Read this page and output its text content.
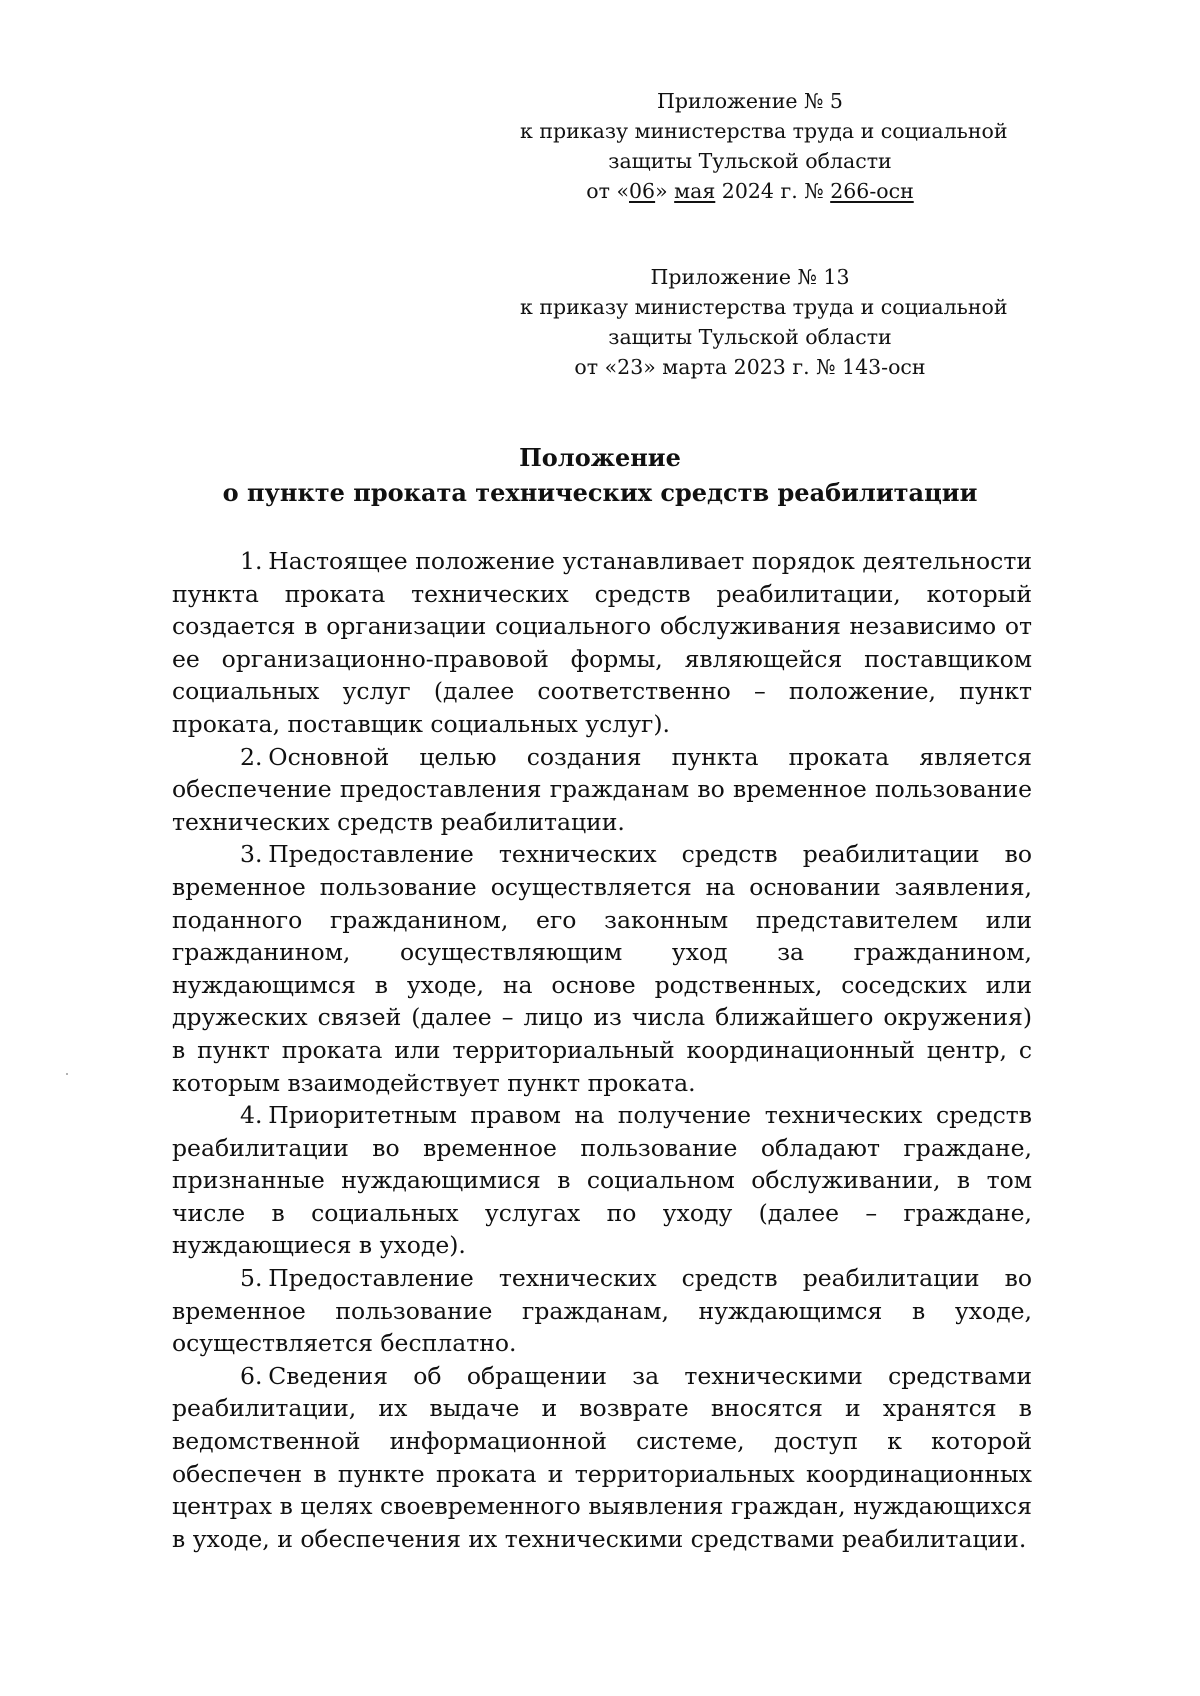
Приложение № 5
к приказу министерства труда и социальной
защиты Тульской области
от «06» мая 2024 г. № 266-осн
Приложение № 13
к приказу министерства труда и социальной
защиты Тульской области
от «23» марта 2023 г. № 143-осн
Положение
о пункте проката технических средств реабилитации

1. Настоящее положение устанавливает порядок деятельности пункта проката технических средств реабилитации, который создается в организации социального обслуживания независимо от ее организационно-правовой формы, являющейся поставщиком социальных услуг (далее соответственно – положение, пункт проката, поставщик социальных услуг).

2. Основной целью создания пункта проката является обеспечение предоставления гражданам во временное пользование технических средств реабилитации.

3. Предоставление технических средств реабилитации во временное пользование осуществляется на основании заявления, поданного гражданином, его законным представителем или гражданином, осуществляющим уход за гражданином, нуждающимся в уходе, на основе родственных, соседских или дружеских связей (далее – лицо из числа ближайшего окружения) в пункт проката или территориальный координационный центр, с которым взаимодействует пункт проката.

4. Приоритетным правом на получение технических средств реабилитации во временное пользование обладают граждане, признанные нуждающимися в социальном обслуживании, в том числе в социальных услугах по уходу (далее – граждане, нуждающиеся в уходе).

5. Предоставление технических средств реабилитации во временное пользование гражданам, нуждающимся в уходе, осуществляется бесплатно.

6. Сведения об обращении за техническими средствами реабилитации, их выдаче и возврате вносятся и хранятся в ведомственной информационной системе, доступ к которой обеспечен в пункте проката и территориальных координационных центрах в целях своевременного выявления граждан, нуждающихся в уходе, и обеспечения их техническими средствами реабилитации.
